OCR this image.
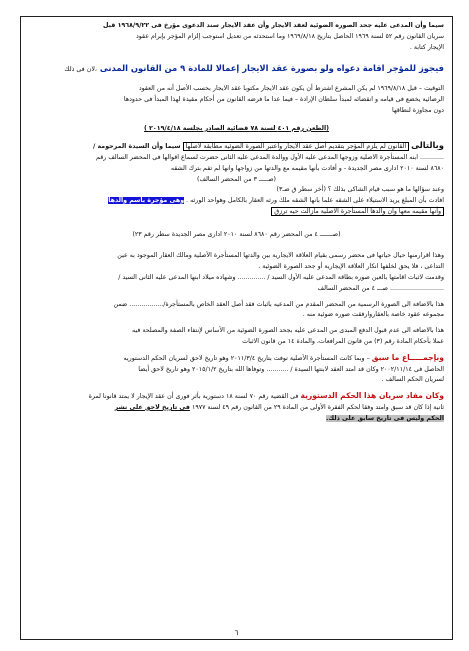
سيما وأن المدعى عليه جحد الصوره الضوئية لعقد الايجار وأن عقد الايجار سند الدعوى مؤرخ فى ١٩٦٨/٩/٢٢ قبل

سريان القانون رقم ٥٢ لسنة ١٩٦٩ الحاصل بتاريخ ١٩٦٩/٨/١٨ وما استحدثه من تعديل استوجب إلزام المؤجر بإبرام عقود

الإيجار كتابة .

فيجوز للمؤجر اقامة دعواه ولو بصورة عقد الايجار إعمالا للمادة ٩ من القانون المدنى ،لان فى ذلك

التوقيت – قبل ١٩٦٩/٨/١٨ لم يكن المشرع اشترط أن يكون عقد الايجار مكتوبا عقد الايجار بحسب الأصل أنه من العقود

الرضائية يخضع فى قيامه و انقضائه لمبدأ سلطان الإرادة – فيما عدا ما فرضه القانون من أحكام مقيدة لهذا المبدأ فى حدودها

دون مجاوزة لنطاقها

(الطعن رقم ٤٠١ لسنة ٧٨ قضائية الصادر بجلسة ٢٠١٩/٤/١٨ )

وبالتالى القانون لم يلزم المؤجر بتقديم أصل عقد الايجار واعتبر الصورة الضوئية مطابقة لأصلها سيما وأن السيدة المرحومة /

............ ابنه المستأجرة الاصلية وزوجها المدعى عليه الأول ووالدة المدعى عليه الثانى حضرت لسماع اقوالها فى المحضر السالف رقم

٨٦٨٠ لسنة ٢٠١٠ ادارى مصر الجديدة - و أفادت بأنها مقيمه مع والدتها من زواجها وانها لم تقم بترك الشقه

(صـــــ ٣ من المحضر السالف)

وعند سؤالها ما هو سبب قيام الشاكى بذلك ؟ (أخر سطر ق صـ٣)

افادت بأن المبلغ يريد الاستيلاء على الشقه علما بانها الشقه ملك ورثه العقار بالكامل وهواحد الورثه . وهى مؤجرة باسم والدها

وأنها مقيمه معها وان والدها المستأجرة الاصلية مازالت حيه ترزق

(صـــــــ ٤ من المحضر رقم ٨٦٨٠ لسنة ٢٠١٠ ادارى مصر الجديدة سطر رقم ٢٣)

وهذا اقرارمنها حيال حياتها فى محضر رسمى بقيام العلاقة الايجارية بين والدتها المستأجرة الأصلية ومالك العقار الموجود به عين

التداعى ، فلا يحق لخلفها انكار العلاقة الإيجارية أو جحد الصورة الضوئية .

وقدمت لاثبات اقامتها بالعين صوره بطاقة المدعى عليه الأول السيد / .............. وشهاده ميلاد ابنها المدعى عليه الثانى السيد /

........................... صـــ ٤ من المحضر السالف

هذا بالاضافة الى الصورة الرسمية من المحضر المقدم من المدعيه باثبات فقد أصل العقد الخاص بالمستأجرة/................. ضمن

مجموعه عقود خاصة بالعقاروارفقت صوره ضوئية منه .

هذا بالاضافه الى عدم قبول الدفع المبدى من المدعى عليه بجحد الصورة الضوئية من الأساس لإنتفاء الصفة والمصلحة فيه

عملا بأحكام المادة رقم (٣) من قانون المرافعات، والمادة ١٤ من قانون الاثبات

وبإجمـــــاع ما سبق – وبما كانت المستأجرة الأصلية توفت بتاريخ ٢٠١١/٣/٤ وهو تاريخ لاحق لسريان الحكم الدستوريه

الحاصل فى ٢٠٠٢/١١/١٤ وكان قد امتد العقد لابنتها السيدة / ........... وتوفاها الله بتاريخ ٢٠١٥/١/٢ وهو تاريخ لاحق أيضا

لسريان الحكم السالف .

وكان مفاد سريان هذا الحكم الدستورية فى القضية رقم ٧٠ لسنة ١٨ دستورية بأثر فورى أن عقد الإيجار لا يمتد قانونا لمرة

ثانية إذا كان قد سبق وامتد وفقا لحكم الفقرة الأولى من المادة ٢٩ من القانون رقم ٤٩ لسنة ١٩٧٧ فى تاريخ لاحق على نشر

الحكم وليس فى تاريخ سابق على ذلك.

٦
